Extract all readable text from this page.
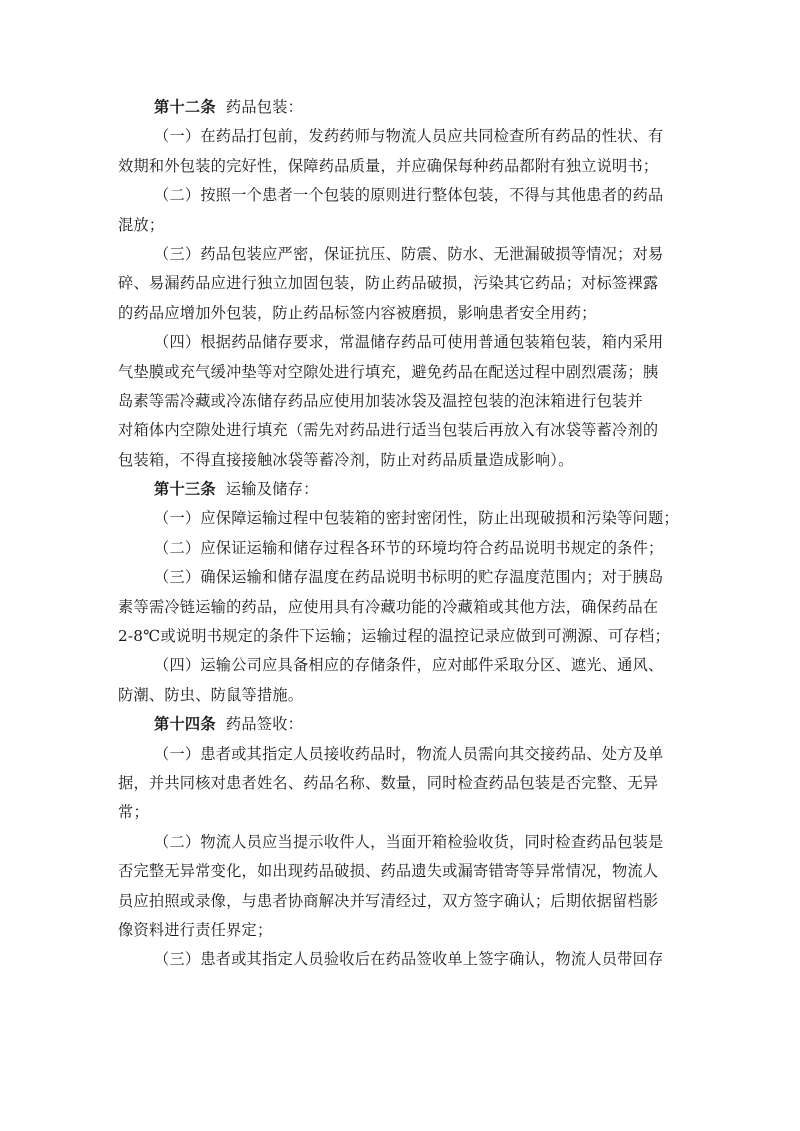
第十二条 药品包装：
（一）在药品打包前，发药药师与物流人员应共同检查所有药品的性状、有
效期和外包装的完好性，保障药品质量，并应确保每种药品都附有独立说明书；
（二）按照一个患者一个包装的原则进行整体包装，不得与其他患者的药品
混放；
（三）药品包装应严密，保证抗压、防震、防水、无泄漏破损等情况；对易
碎、易漏药品应进行独立加固包装，防止药品破损，污染其它药品；对标签裸露
的药品应增加外包装，防止药品标签内容被磨损，影响患者安全用药；
（四）根据药品储存要求，常温储存药品可使用普通包装箱包装，箱内采用
气垫膜或充气缓冲垫等对空隙处进行填充，避免药品在配送过程中剧烈震荡；胰
岛素等需冷藏或冷冻储存药品应使用加装冰袋及温控包装的泡沫箱进行包装并
对箱体内空隙处进行填充（需先对药品进行适当包装后再放入有冰袋等蓄冷剂的
包装箱，不得直接接触冰袋等蓄冷剂，防止对药品质量造成影响）。
第十三条 运输及储存：
（一）应保障运输过程中包装箱的密封密闭性，防止出现破损和污染等问题；
（二）应保证运输和储存过程各环节的环境均符合药品说明书规定的条件；
（三）确保运输和储存温度在药品说明书标明的贮存温度范围内；对于胰岛
素等需冷链运输的药品，应使用具有冷藏功能的冷藏箱或其他方法，确保药品在
2-8℃或说明书规定的条件下运输；运输过程的温控记录应做到可溯源、可存档；
（四）运输公司应具备相应的存储条件，应对邮件采取分区、遮光、通风、
防潮、防虫、防鼠等措施。
第十四条 药品签收：
（一）患者或其指定人员接收药品时，物流人员需向其交接药品、处方及单
据，并共同核对患者姓名、药品名称、数量，同时检查药品包装是否完整、无异
常；
（二）物流人员应当提示收件人，当面开箱检验收货，同时检查药品包装是
否完整无异常变化，如出现药品破损、药品遗失或漏寄错寄等异常情况，物流人
员应拍照或录像，与患者协商解决并写清经过，双方签字确认；后期依据留档影
像资料进行责任界定；
（三）患者或其指定人员验收后在药品签收单上签字确认，物流人员带回存
